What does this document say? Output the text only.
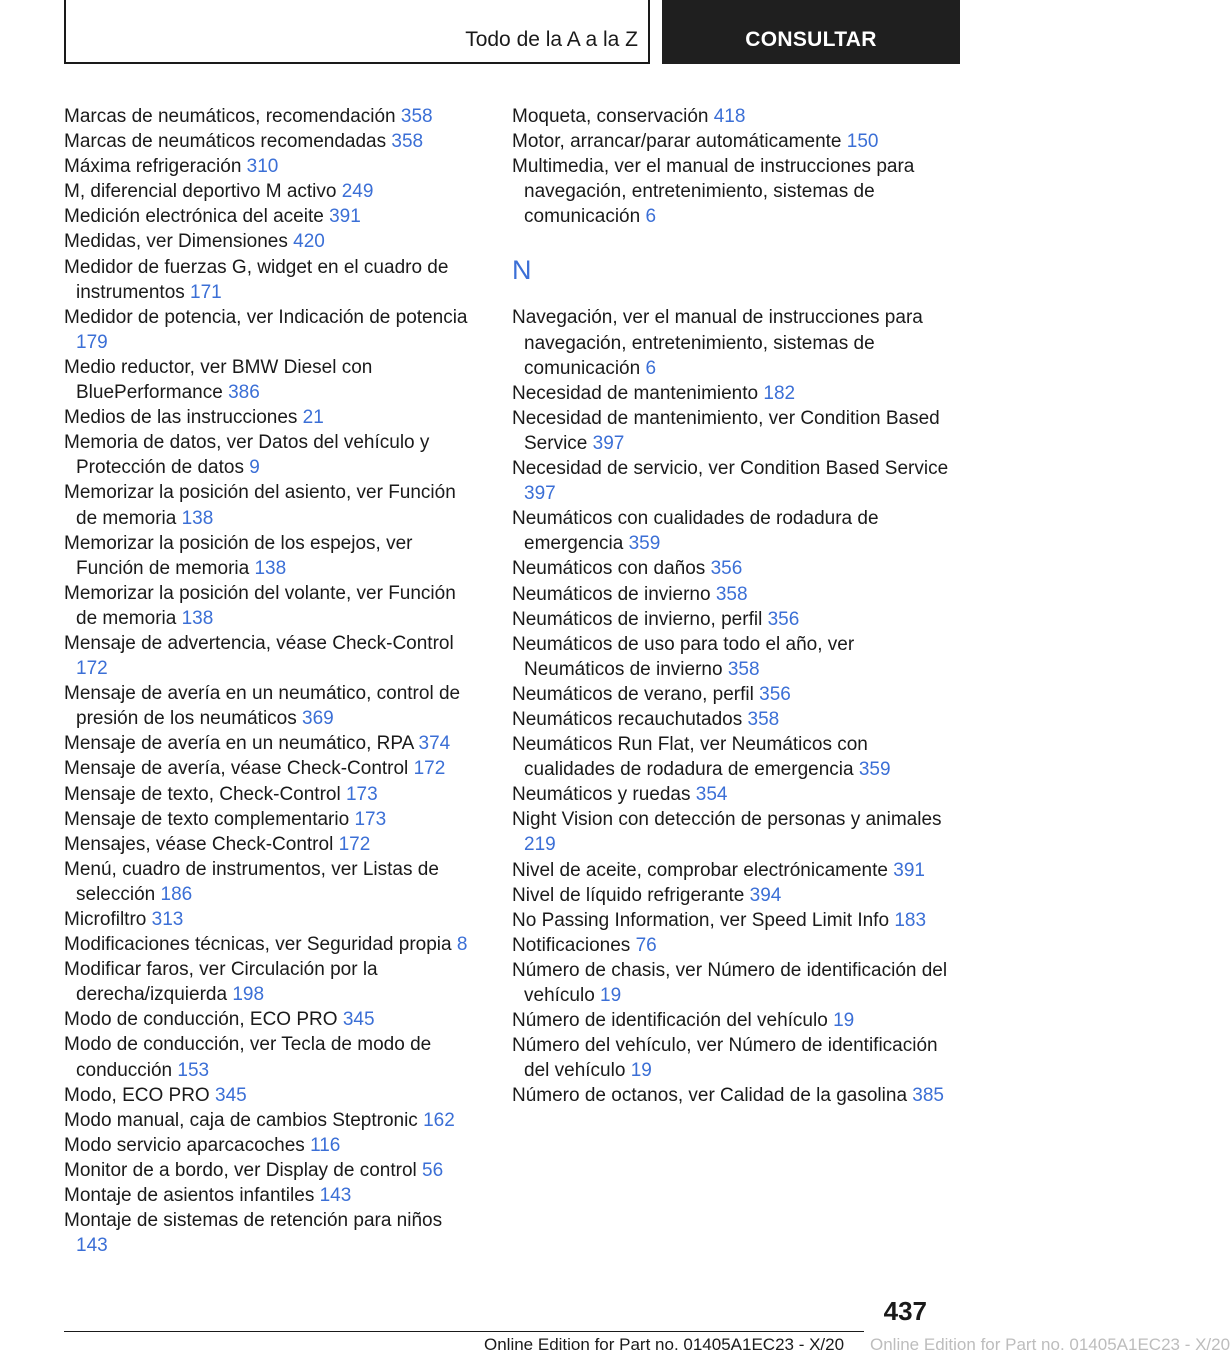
Todo de la A a la Z	CONSULTAR

Marcas de neumáticos, recomendación 358

Marcas de neumáticos recomendadas 358

Máxima refrigeración 310

M, diferencial deportivo M activo 249

Medición electrónica del aceite 391

Medidas, ver Dimensiones 420

Medidor de fuerzas G, widget en el cuadro de instrumentos 171

Medidor de potencia, ver Indicación de potencia 179

Medio reductor, ver BMW Diesel con BluePerformance 386

Medios de las instrucciones 21

Memoria de datos, ver Datos del vehículo y Protección de datos 9

Memorizar la posición del asiento, ver Función de memoria 138

Memorizar la posición de los espejos, ver Función de memoria 138

Memorizar la posición del volante, ver Función de memoria 138

Mensaje de advertencia, véase Check-Control 172

Mensaje de avería en un neumático, control de presión de los neumáticos 369

Mensaje de avería en un neumático, RPA 374

Mensaje de avería, véase Check-Control 172

Mensaje de texto, Check-Control 173

Mensaje de texto complementario 173

Mensajes, véase Check-Control 172

Menú, cuadro de instrumentos, ver Listas de selección 186

Microfiltro 313

Modificaciones técnicas, ver Seguridad propia 8

Modificar faros, ver Circulación por la derecha/izquierda 198

Modo de conducción, ECO PRO 345

Modo de conducción, ver Tecla de modo de conducción 153

Modo, ECO PRO 345

Modo manual, caja de cambios Steptronic 162

Modo servicio aparcacoches 116

Monitor de a bordo, ver Display de control 56

Montaje de asientos infantiles 143

Montaje de sistemas de retención para niños 143

Moqueta, conservación 418

Motor, arrancar/parar automáticamente 150

Multimedia, ver el manual de instrucciones para navegación, entretenimiento, sistemas de comunicación 6

N

Navegación, ver el manual de instrucciones para navegación, entretenimiento, sistemas de comunicación 6

Necesidad de mantenimiento 182

Necesidad de mantenimiento, ver Condition Based Service 397

Necesidad de servicio, ver Condition Based Service 397

Neumáticos con cualidades de rodadura de emergencia 359

Neumáticos con daños 356

Neumáticos de invierno 358

Neumáticos de invierno, perfil 356

Neumáticos de uso para todo el año, ver Neumáticos de invierno 358

Neumáticos de verano, perfil 356

Neumáticos recauchutados 358

Neumáticos Run Flat, ver Neumáticos con cualidades de rodadura de emergencia 359

Neumáticos y ruedas 354

Night Vision con detección de personas y animales 219

Nivel de aceite, comprobar electrónicamente 391

Nivel de líquido refrigerante 394

No Passing Information, ver Speed Limit Info 183

Notificaciones 76

Número de chasis, ver Número de identificación del vehículo 19

Número de identificación del vehículo 19

Número del vehículo, ver Número de identificación del vehículo 19

Número de octanos, ver Calidad de la gasolina 385

437
Online Edition for Part no. 01405A1EC23 - X/20 Online Edition for Part no. 01405A1EC23 - X/20
